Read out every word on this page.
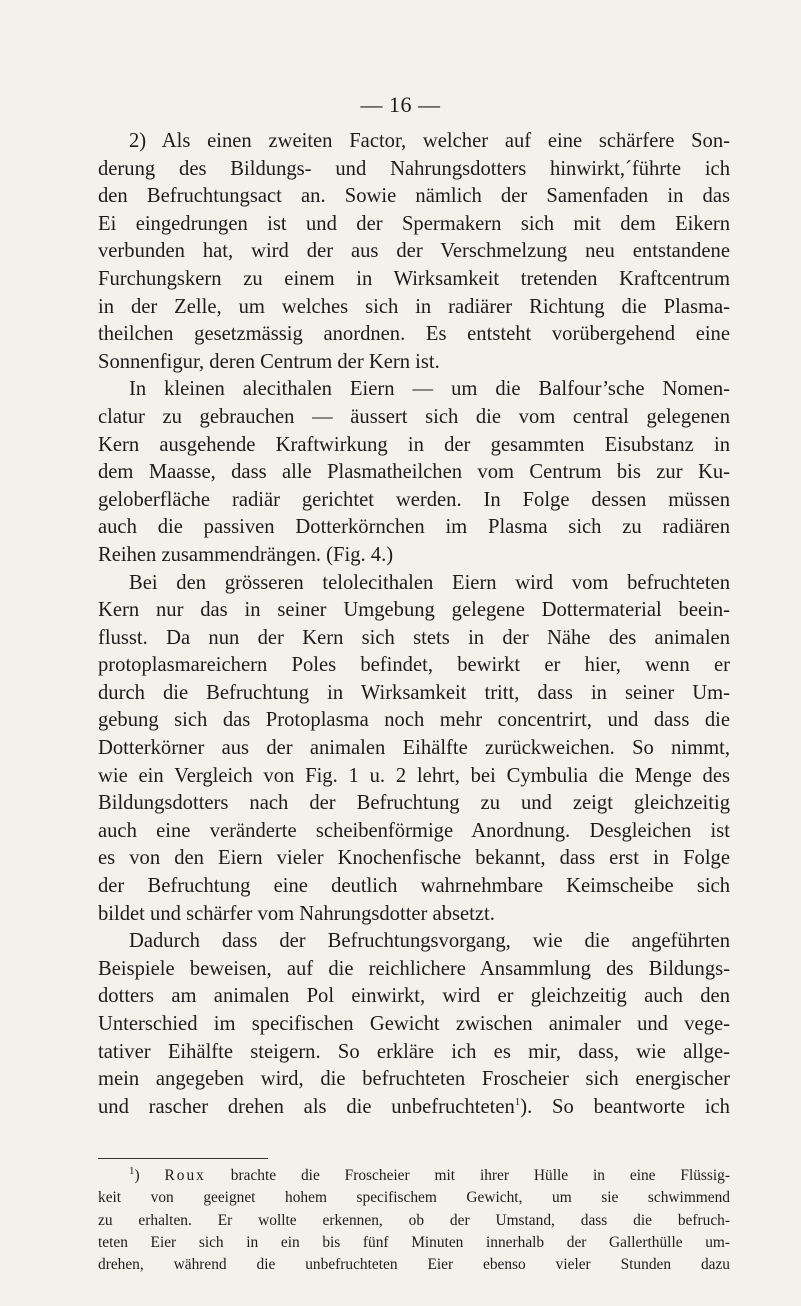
— 16 —
2) Als einen zweiten Factor, welcher auf eine schärfere Son-
derung des Bildungs- und Nahrungsdotters hinwirkt,´führte ich
den Befruchtungsact an. Sowie nämlich der Samenfaden in das
Ei eingedrungen ist und der Spermakern sich mit dem Eikern
verbunden hat, wird der aus der Verschmelzung neu entstandene
Furchungskern zu einem in Wirksamkeit tretenden Kraftcentrum
in der Zelle, um welches sich in radiärer Richtung die Plasma-
theilchen gesetzmässig anordnen. Es entsteht vorübergehend eine
Sonnenfigur, deren Centrum der Kern ist.
In kleinen alecithalen Eiern — um die Balfour’sche Nomen-
clatur zu gebrauchen — äussert sich die vom central gelegenen
Kern ausgehende Kraftwirkung in der gesammten Eisubstanz in
dem Maasse, dass alle Plasmatheilchen vom Centrum bis zur Ku-
geloberfläche radiär gerichtet werden. In Folge dessen müssen
auch die passiven Dotterkörnchen im Plasma sich zu radiären
Reihen zusammendrängen. (Fig. 4.)
Bei den grösseren telolecithalen Eiern wird vom befruchteten
Kern nur das in seiner Umgebung gelegene Dottermaterial beein-
flusst. Da nun der Kern sich stets in der Nähe des animalen
protoplasmareichern Poles befindet, bewirkt er hier, wenn er
durch die Befruchtung in Wirksamkeit tritt, dass in seiner Um-
gebung sich das Protoplasma noch mehr concentrirt, und dass die
Dotterkörner aus der animalen Eihälfte zurückweichen. So nimmt,
wie ein Vergleich von Fig. 1 u. 2 lehrt, bei Cymbulia die Menge des
Bildungsdotters nach der Befruchtung zu und zeigt gleichzeitig
auch eine veränderte scheibenförmige Anordnung. Desgleichen ist
es von den Eiern vieler Knochenfische bekannt, dass erst in Folge
der Befruchtung eine deutlich wahrnehmbare Keimscheibe sich
bildet und schärfer vom Nahrungsdotter absetzt.
Dadurch dass der Befruchtungsvorgang, wie die angeführten
Beispiele beweisen, auf die reichlichere Ansammlung des Bildungs-
dotters am animalen Pol einwirkt, wird er gleichzeitig auch den
Unterschied im specifischen Gewicht zwischen animaler und vege-
tativer Eihälfte steigern. So erkläre ich es mir, dass, wie allge-
mein angegeben wird, die befruchteten Froscheier sich energischer
und rascher drehen als die unbefruchteten$^1$). So beantworte ich
$^1$) Roux brachte die Froscheier mit ihrer Hülle in eine Flüssig-
keit von geeignet hohem specifischem Gewicht, um sie schwimmend
zu erhalten. Er wollte erkennen, ob der Umstand, dass die befruch-
teten Eier sich in ein bis fünf Minuten innerhalb der Gallerthülle um-
drehen, während die unbefruchteten Eier ebenso vieler Stunden dazu
